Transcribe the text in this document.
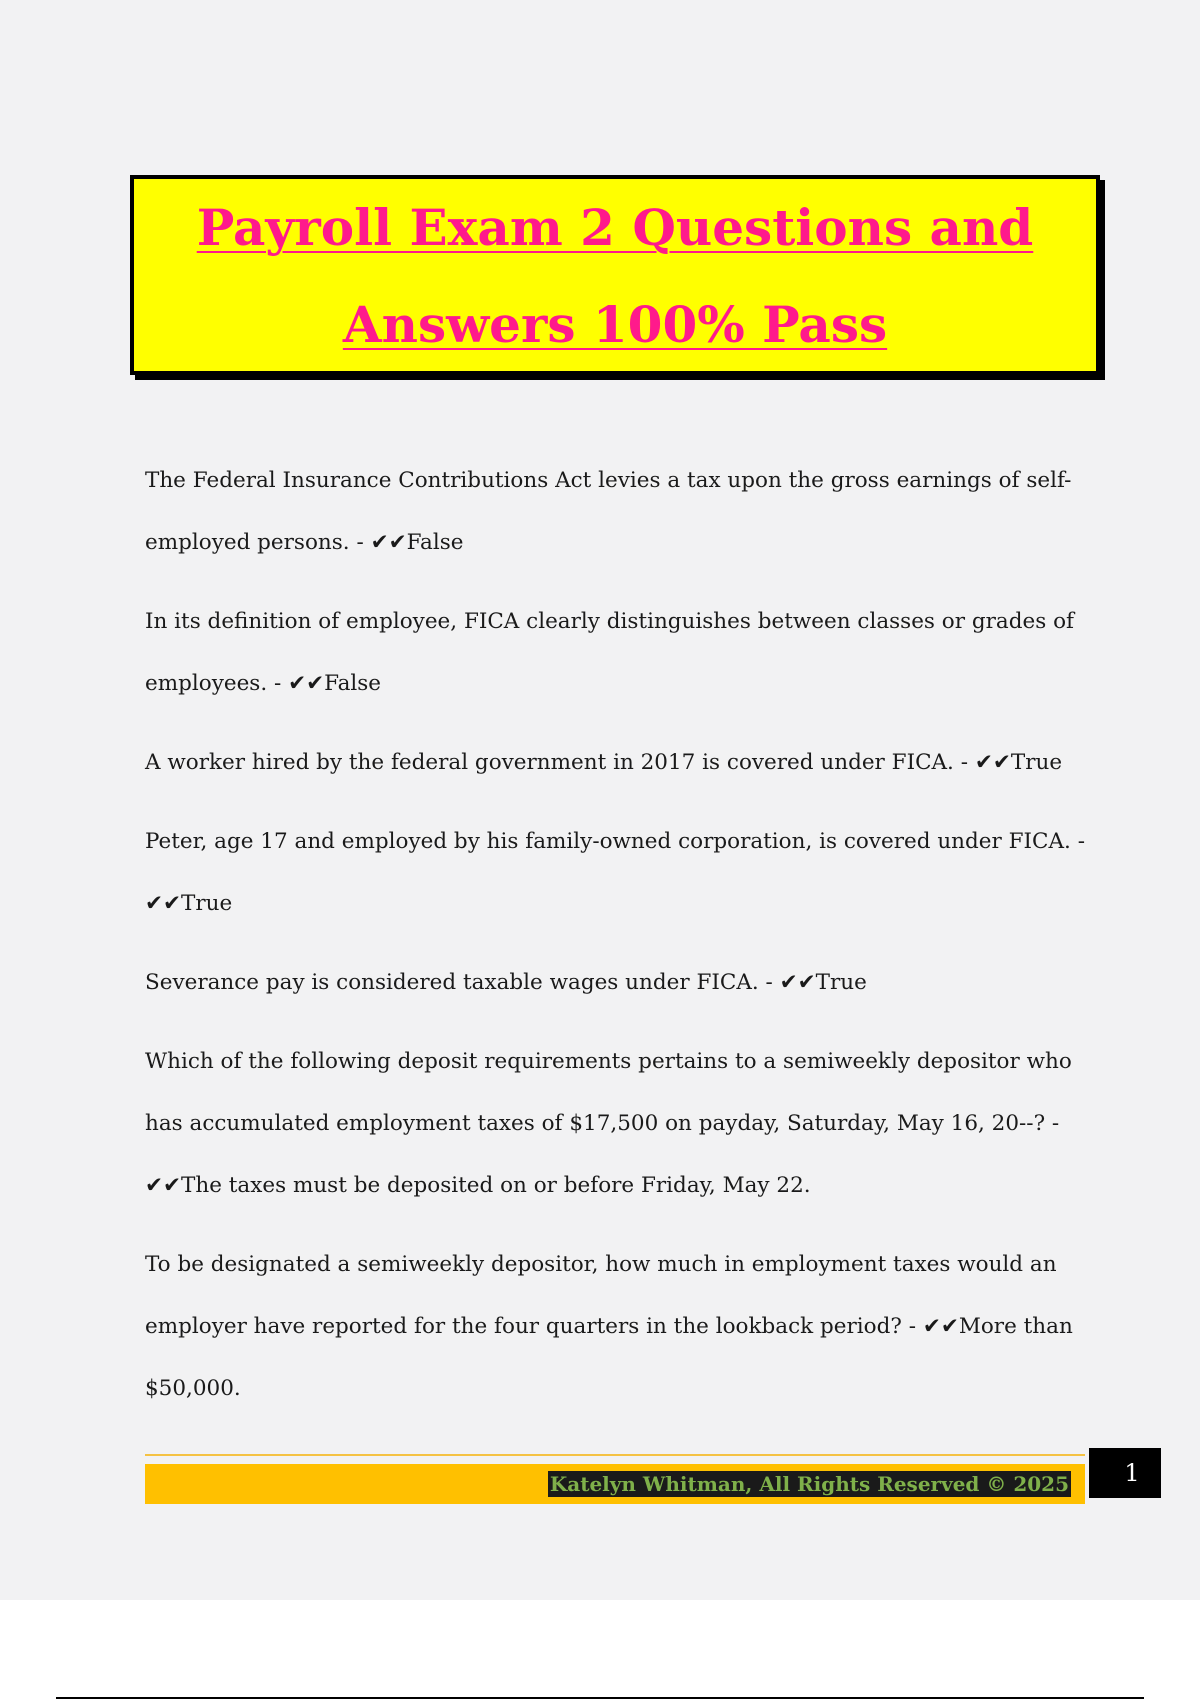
Payroll Exam 2 Questions and
Answers 100% Pass

The Federal Insurance Contributions Act levies a tax upon the gross earnings of self-employed persons. - ✔✔False

In its definition of employee, FICA clearly distinguishes between classes or grades of employees. - ✔✔False

A worker hired by the federal government in 2017 is covered under FICA. - ✔✔True

Peter, age 17 and employed by his family-owned corporation, is covered under FICA. - ✔✔True

Severance pay is considered taxable wages under FICA. - ✔✔True

Which of the following deposit requirements pertains to a semiweekly depositor who has accumulated employment taxes of $17,500 on payday, Saturday, May 16, 20--? - ✔✔The taxes must be deposited on or before Friday, May 22.

To be designated a semiweekly depositor, how much in employment taxes would an employer have reported for the four quarters in the lookback period? - ✔✔More than $50,000.

Katelyn Whitman, All Rights Reserved © 2025	1
